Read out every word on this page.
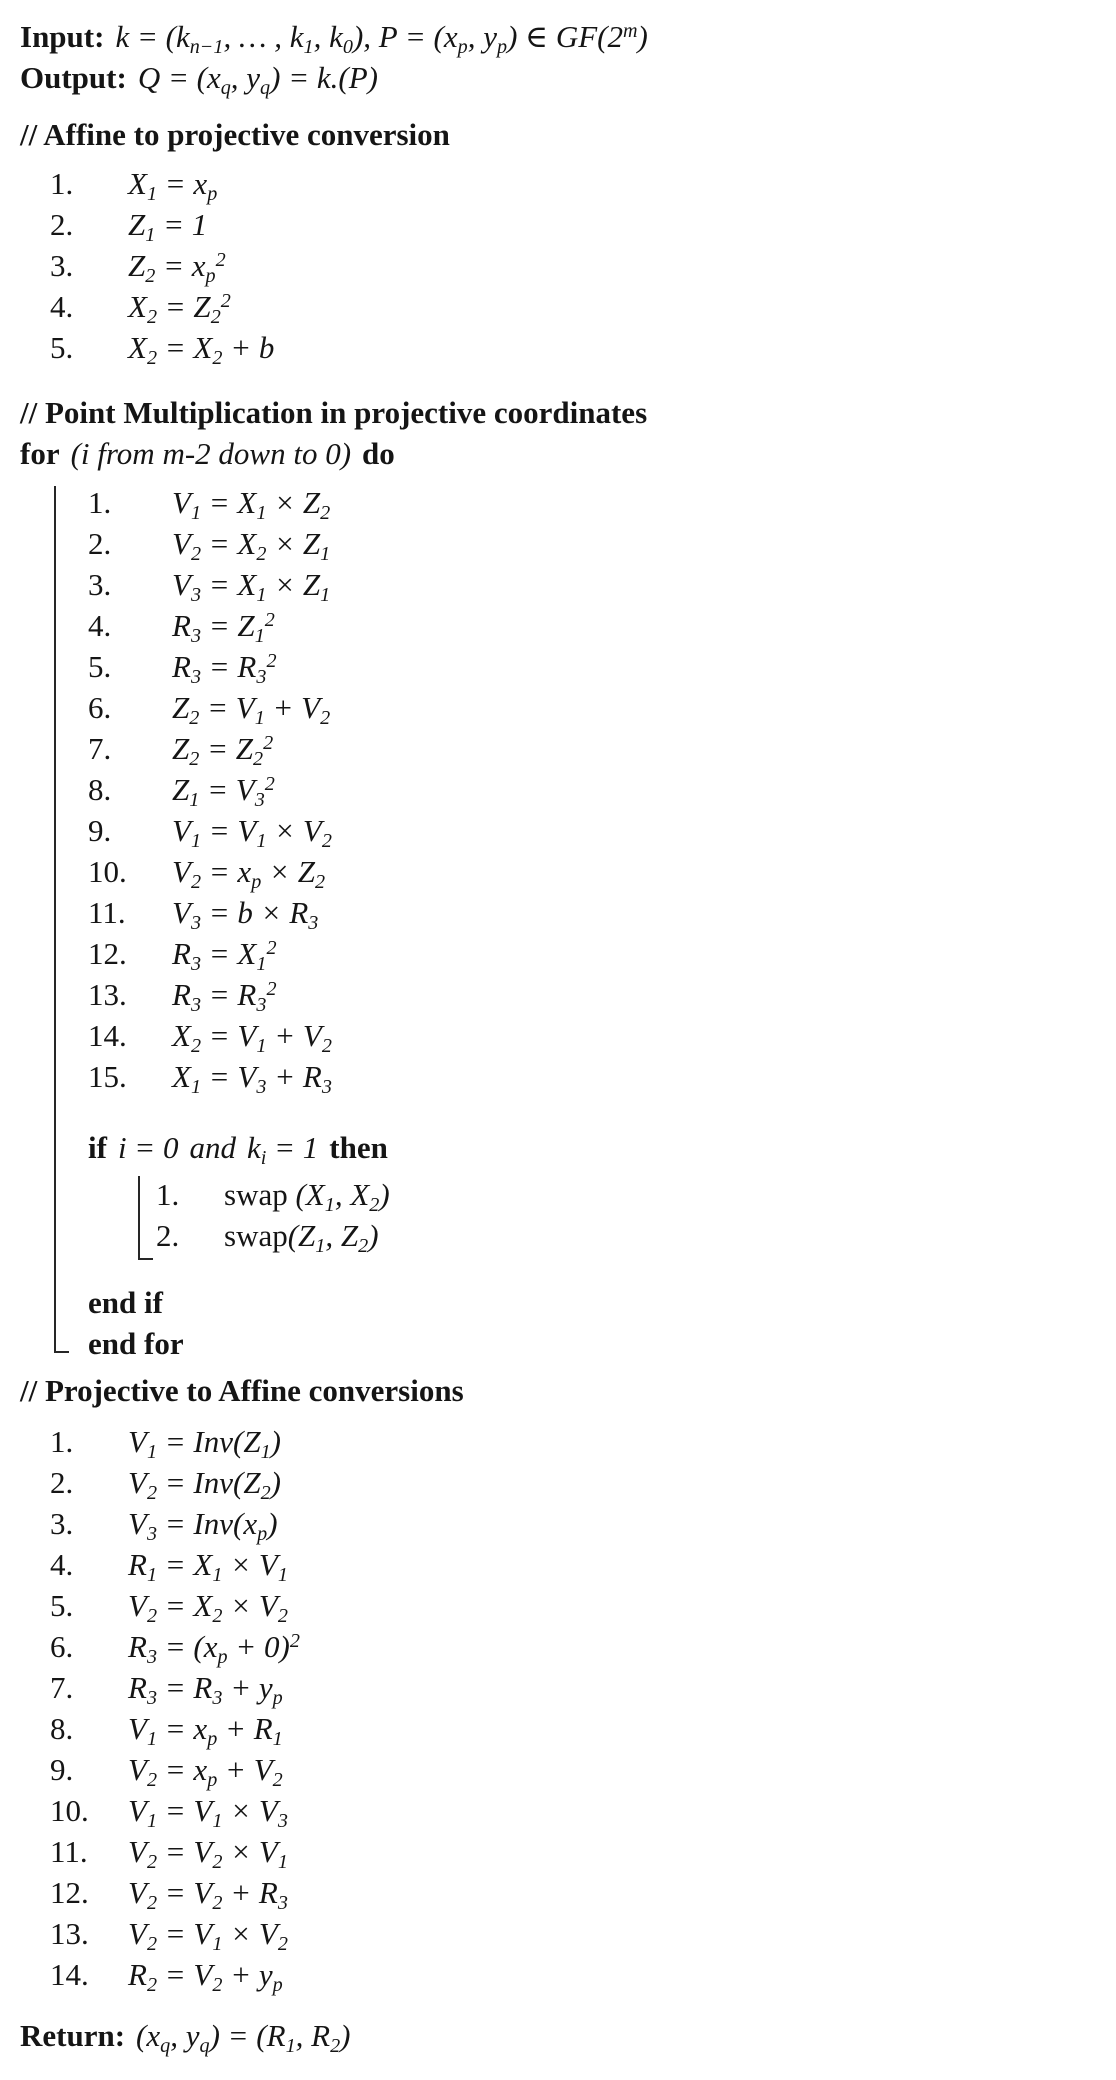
Input: $k = (k_{n-1}$, … , $k_1$, $k_0$), $P = (x_p$, $y_p$) ∈ GF(2$^m$)
Output: $Q = (x_q$, $y_q) = k.(P)$
// Affine to projective conversion
1.	$X_1 = x_p$
2.	$Z_1 = 1$
3.	$Z_2 = x_p^2$
4.	$X_2 = Z_2^2$
5.	$X_2 = X_2 + b$
// Point Multiplication in projective coordinates
for (i from m-2 down to 0) do
1.	$V_1 = X_1 \times Z_2$
2.	$V_2 = X_2 \times Z_1$
3.	$V_3 = X_1 \times Z_1$
4.	$R_3 = Z_1^2$
5.	$R_3 = R_3^2$
6.	$Z_2 = V_1 + V_2$
7.	$Z_2 = Z_2^2$
8.	$Z_1 = V_3^2$
9.	$V_1 = V_1 \times V_2$
10.	$V_2 = x_p \times Z_2$
11.	$V_3 = b \times R_3$
12.	$R_3 = X_1^2$
13.	$R_3 = R_3^2$
14.	$X_2 = V_1 + V_2$
15.	$X_1 = V_3 + R_3$
if i = 0 and $k_i = 1$ then
1.	swap ($X_1$, $X_2$)
2.	$swap(Z_1$, $Z_2$)
end if
end for
// Projective to Affine conversions
1.	$V_1 = Inv(Z_1)$
2.	$V_2 = Inv(Z_2)$
3.	$V_3 = Inv(x_p)$
4.	$R_1 = X_1 \times V_1$
5.	$V_2 = X_2 \times V_2$
6.	$R_3 = (x_p + 0)^2$
7.	$R_3 = R_3 + y_p$
8.	$V_1 = x_p + R_1$
9.	$V_2 = x_p + V_2$
10.	$V_1 = V_1 \times V_3$
11.	$V_2 = V_2 \times V_1$
12.	$V_2 = V_2 + R_3$
13.	$V_2 = V_1 \times V_2$
14.	$R_2 = V_2 + y_p$
Return: ($x_q$, $y_q) = (R_1$, $R_2$)
